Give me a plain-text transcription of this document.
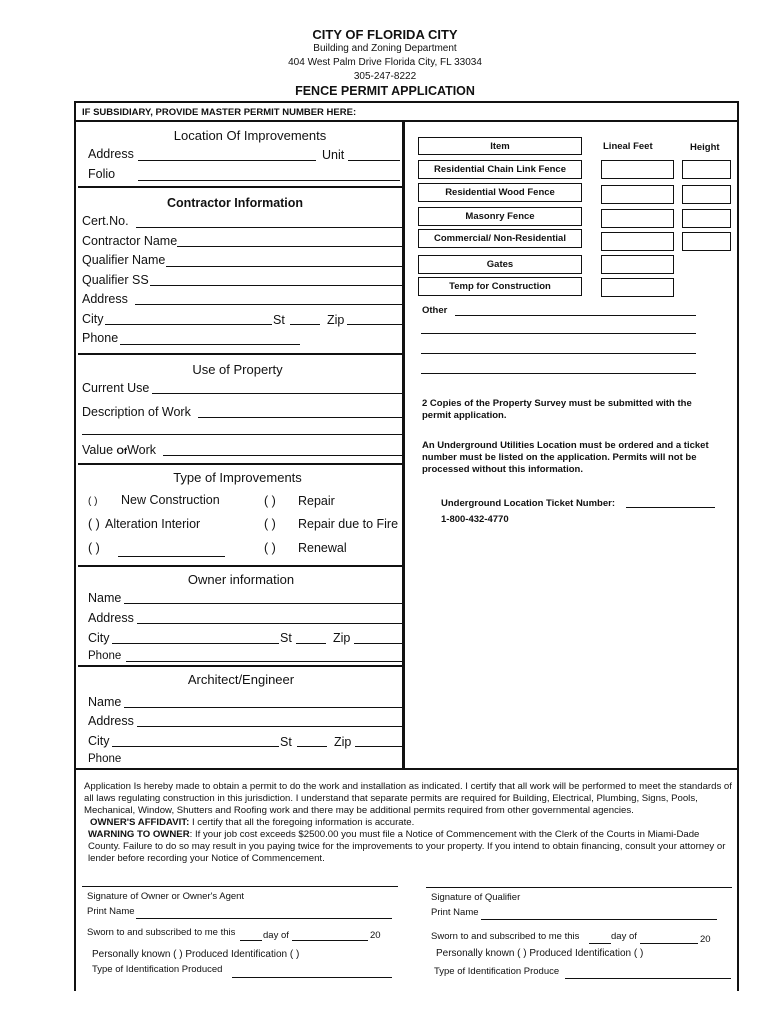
CITY OF FLORIDA CITY
Building and Zoning Department
404 West Palm Drive Florida City, FL 33034
305-247-8222
FENCE PERMIT APPLICATION
IF SUBSIDIARY, PROVIDE MASTER PERMIT NUMBER HERE:
Location Of Improvements
Address	Unit
Folio
Contractor Information
Cert.No.
Contractor Name
Qualifier Name
Qualifier SS
Address
City	St	Zip
Phone
Use of Property
Current Use
Description of Work
Value OfWork
Type of Improvements
( ) New Construction	( ) Repair
( ) Alteration Interior	( ) Repair due to Fire
( )	( ) Renewal
Owner information
Name
Address
City	St	Zip
Phone
Architect/Engineer
Name
Address
City	St	Zip
Phone
Item	Lineal Feet	Height
Residential Chain Link Fence
Residential Wood Fence
Masonry Fence
Commercial/ Non-Residential
Gates
Temp for Construction
Other
2 Copies of the Property Survey must be submitted with the permit application.
An Underground Utilities Location must be ordered and a ticket number must be listed on the application. Permits will not be processed without this information.
Underground Location Ticket Number:
1-800-432-4770
Application Is hereby made to obtain a permit to do the work and installation as indicated. I certify that all work will be performed to meet the standards of all laws regulating construction in this jurisdiction. I understand that separate permits are required for Building, Electrical, Plumbing, Signs, Pools, Mechanical, Window, Shutters and Roofing work and there may be additional permits required from other governmental agencies.
OWNER'S AFFIDAVIT: I certify that all the foregoing information is accurate.
WARNING TO OWNER: If your job cost exceeds $2500.00 you must file a Notice of Commencement with the Clerk of the Courts in Miami-Dade County. Failure to do so may result in you paying twice for the improvements to your property. If you intend to obtain financing, consult your attorney or lender before recording your Notice of Commencement.
Signature of Owner or Owner's Agent
Print Name
Sworn to and subscribed to me this	day of	20
Personally known ( ) Produced Identification ( )
Type of Identification Produced
Signature of Qualifier
Print Name
Sworn to and subscribed to me this	day of	20
Personally known ( ) Produced Identification ( )
Type of Identification Produce
